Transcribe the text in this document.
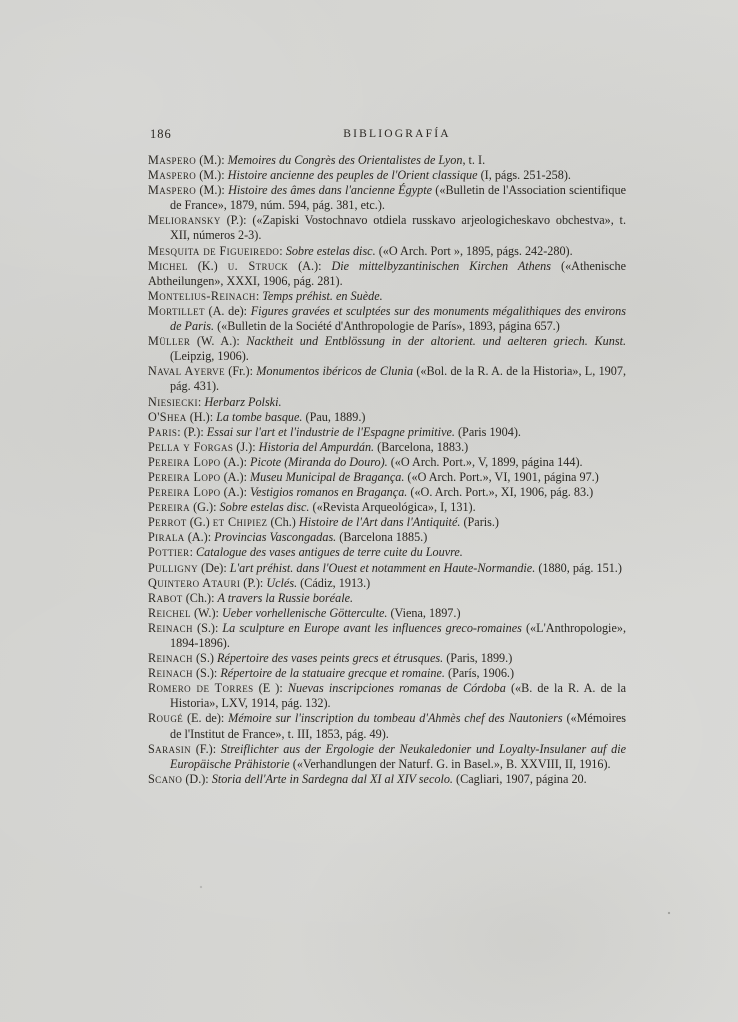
186	BIBLIOGRAFÍA

Maspero (M.): Memoires du Congrès des Orientalistes de Lyon, t. I.

Maspero (M.): Histoire ancienne des peuples de l'Orient classique (I, págs. 251-258).

Maspero (M.): Histoire des âmes dans l'ancienne Égypte («Bulletin de l'Association scientifique de France», 1879, núm. 594, pág. 381, etc.).

Melioransky (P.): («Zapiski Vostochnavo otdiela russkavo arjeologicheskavo obchestva», t. XII, números 2-3).

Mesquita de Figueiredo: Sobre estelas disc. («O Arch. Port », 1895, págs. 242-280).

Michel (K.) u. Struck (A.): Die mittelbyzantinischen Kirchen Athens («Athenische Abtheilungen», XXXI, 1906, pág. 281).

Montelius-Reinach: Temps préhist. en Suède.

Mortillet (A. de): Figures gravées et sculptées sur des monuments mégalithiques des environs de Paris. («Bulletin de la Société d'Anthropologie de París», 1893, página 657.)

Müller (W. A.): Nacktheit und Entblössung in der altorient. und aelteren griech. Kunst. (Leipzig, 1906).

Naval Ayerve (Fr.): Monumentos ibéricos de Clunia («Bol. de la R. A. de la Historia», L, 1907, pág. 431).

Niesiecki: Herbarz Polski.

O'Shea (H.): La tombe basque. (Pau, 1889.)

Paris: (P.): Essai sur l'art et l'industrie de l'Espagne primitive. (Paris 1904).

Pella y Forgas (J.): Historia del Ampurdán. (Barcelona, 1883.)

Pereira Lopo (A.): Picote (Miranda do Douro). («O Arch. Port.», V, 1899, página 144).

Pereira Lopo (A.): Museu Municipal de Bragança. («O Arch. Port.», VI, 1901, página 97.)

Pereira Lopo (A.): Vestigios romanos en Bragança. («O. Arch. Port.», XI, 1906, pág. 83.)

Pereira (G.): Sobre estelas disc. («Revista Arqueológica», I, 131).

Perrot (G.) et Chipiez (Ch.) Histoire de l'Art dans l'Antiquité. (Paris.)

Pirala (A.): Provincias Vascongadas. (Barcelona 1885.)

Pottier: Catalogue des vases antigues de terre cuite du Louvre.

Pulligny (De): L'art préhist. dans l'Ouest et notamment en Haute-Normandie. (1880, pág. 151.)

Quintero Atauri (P.): Uclés. (Cádiz, 1913.)

Rabot (Ch.): A travers la Russie boréale.

Reichel (W.): Ueber vorhellenische Götterculte. (Viena, 1897.)

Reinach (S.): La sculpture en Europe avant les influences greco-romaines («L'Anthropologie», 1894-1896).

Reinach (S.) Répertoire des vases peints grecs et étrusques. (Paris, 1899.)

Reinach (S.): Répertoire de la statuaire grecque et romaine. (París, 1906.)

Romero de Torres (E ): Nuevas inscripciones romanas de Córdoba («B. de la R. A. de la Historia», LXV, 1914, pág. 132).

Rougé (E. de): Mémoire sur l'inscription du tombeau d'Ahmès chef des Nautoniers («Mémoires de l'Institut de France», t. III, 1853, pág. 49).

Sarasin (F.): Streiflichter aus der Ergologie der Neukaledonier und Loyalty-Insulaner auf die Europäische Prähistorie («Verhandlungen der Naturf. G. in Basel.», B. XXVIII, II, 1916).

Scano (D.): Storia dell'Arte in Sardegna dal XI al XIV secolo. (Cagliari, 1907, página 20.
